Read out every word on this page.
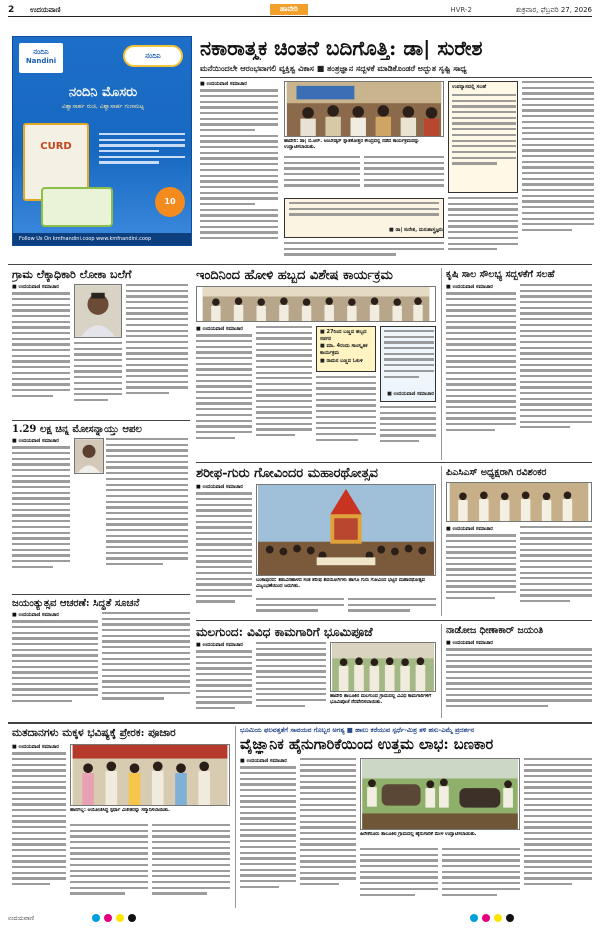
2 ಉದಯವಾಣಿ	ಹಾವೇರಿ	HVR-2	ಶುಕ್ರವಾರ, ಫೆಬ್ರವರಿ 27, 2026
ನಂದಿನಿ Nandini
ನಂದಿನಿ
ನಂದಿನಿ ಮೊಸರು
ವಿಶ್ವಾಸಾರ್ಹ ರುಚಿ, ವಿಶ್ವಾಸಾರ್ಹ ಗುಣಮಟ್ಟ
CURD
10
Follow Us On kmfnandini.coop www.kmfnandini.coop
ನಕಾರಾತ್ಮಕ ಚಿಂತನೆ ಬದಿಗೊತ್ತಿ: ಡಾ| ಸುರೇಶ
ಮನೆಯಿಂದಲೇ ಆರಂಭವಾಗಲಿ ವ್ಯಕ್ತಿತ್ವ ವಿಕಾಸ ■ ತಂತ್ರಜ್ಞಾನ ಸದ್ಬಳಕೆ ಮಾಡಿಕೊಂಡರೆ ಅದ್ಭುತ ಸೃಷ್ಟಿ ಸಾಧ್ಯ
■ ಉದಯವಾಣಿ ಸಮಾಚಾರ
ಹಾವೇರಿ: ಡಾ| ಬಿ.ಆರ್. ಅಂಬೇಡ್ಕರ್ ಸ್ನಾತಕೋತ್ತರ ಕೇಂದ್ರದಲ್ಲಿ ನಡೆದ ಕಾರ್ಯಕ್ರಮವನ್ನು ಉದ್ಘಾಟಿಸಲಾಯಿತು.
■ ಡಾ| ಸುರೇಶ, ಮನಃಶಾಸ್ತ್ರಜ್ಞರು
ಉಪನ್ಯಾಸದಲ್ಲಿ ಸಲಹೆ
ಗ್ರಾಮ ಲೆಕ್ಕಾಧಿಕಾರಿ ಲೋಕಾ ಬಲೆಗೆ
■ ಉದಯವಾಣಿ ಸಮಾಚಾರ
1.29 ಲಕ್ಷ ಚಿನ್ನ ಮೋಸನ್ನಾಯ್ತು ಆಪಲ
■ ಉದಯವಾಣಿ ಸಮಾಚಾರ
ಇಂದಿನಿಂದ ಹೋಳಿ ಹಬ್ಬದ ವಿಶೇಷ ಕಾರ್ಯಕ್ರಮ
■ ಉದಯವಾಣಿ ಸಮಾಚಾರ	■ 27ರಿಂದ ಬಣ್ಣದ ಹಬ್ಬದ ಸಡಗರ
■ ಮಾ. 4ರಂದು ಸಾಂಸ್ಕೃತಿಕ ಕಾರ್ಯಕ್ರಮ
■ ರಾಮನ ಬಣ್ಣದ ಓಕುಳಿ
■ ಉದಯವಾಣಿ ಸಮಾಚಾರ
ಕೃಷಿ ಸಾಲ ಸೌಲಭ್ಯ ಸದ್ಬಳಕೆಗೆ ಸಲಹೆ
■ ಉದಯವಾಣಿ ಸಮಾಚಾರ
ಶರೀಫ-ಗುರು ಗೋವಿಂದರ ಮಹಾರಥೋತ್ಸವ
■ ಉದಯವಾಣಿ ಸಮಾಚಾರ
ಬಂಕಾಪುರದ: ಶಿಶುವಿನಹಾಳದ ಸಂತ ಶರೀಫ ಶಿವಯೋಗಿಗಳು ಹಾಗೂ ಗುರು ಗೋವಿಂದ ಭಟ್ಟರ ಮಹಾರಥೋತ್ಸವ ವಿಜೃಂಭಣೆಯಿಂದ ಜರುಗಿತು.
ಪಿಎಸಿಎಸ್ ಅಧ್ಯಕ್ಷರಾಗಿ ರವಿಶಂಕರ
■ ಉದಯವಾಣಿ ಸಮಾಚಾರ
ಜಯಂತ್ಯುತ್ಸವ ಆಚರಣೆ: ಸಿದ್ಧತೆ ಸೂಚನೆ
■ ಉದಯವಾಣಿ ಸಮಾಚಾರ
ಮಲಗುಂದ: ವಿವಿಧ ಕಾಮಗಾರಿಗೆ ಭೂಮಿಪೂಜೆ
■ ಉದಯವಾಣಿ ಸಮಾಚಾರ
ಹಾವೇರಿ ತಾಲೂಕಿನ ಮಲಗುಂದ ಗ್ರಾಮದಲ್ಲಿ ವಿವಿಧ ಕಾಮಗಾರಿಗಳಿಗೆ ಭೂಮಿಪೂಜೆ ನೆರವೇರಿಸಲಾಯಿತು.
ನಾಡೋಜ ಧೀಣಾಕಾರ್ ಜಯಂತಿ
■ ಉದಯವಾಣಿ ಸಮಾಚಾರ
ಮತದಾನಗಳು ಮಕ್ಕಳ ಭವಿಷ್ಯಕ್ಕೆ ಪ್ರೇರಕ: ಪೂಜಾರ
■ ಉದಯವಾಣಿ ಸಮಾಚಾರ
ಹಾನಗಲ್ಲ: ಆಯೋಜಿಸಿದ್ದ ಸ್ಪರ್ಧಾ ವಿಜೇತರನ್ನು ಸನ್ಮಾನಿಸಲಾಯಿತು.
ಭೂಮಿಯ ಫಲವತ್ತತೆಗೆ ಸಾವಯವ ಗೊಬ್ಬರ ಅಗತ್ಯ ■ ಹಾಲು ಕರೆಯುವ ಸ್ಪರ್ಧೆ-ಮಿಶ್ರ ತಳಿ ಹಸು-ಎಮ್ಮೆ ಪ್ರದರ್ಶನ
ವೈಜ್ಞಾನಿಕ ಹೈನುಗಾರಿಕೆಯಿಂದ ಉತ್ತಮ ಲಾಭ: ಬಣಕಾರ
■ ಉದಯವಾಣಿ ಸಮಾಚಾರ
ಹಿರೇಕೆರೂರು ತಾಲೂಕಿನ ಗ್ರಾಮದಲ್ಲಿ ಹೈನುಗಾರಿಕೆ ಮೇಳ ಉದ್ಘಾಟಿಸಲಾಯಿತು.
ಉದಯವಾಣಿ
